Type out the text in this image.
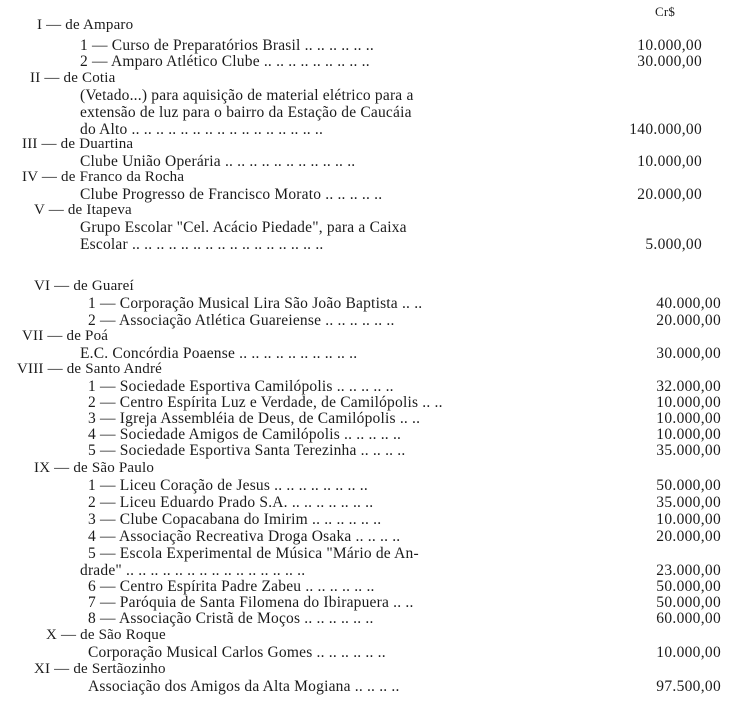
Cr$
I — de Amparo
1 — Curso de Preparatórios Brasil .. .. .. .. .. ..	10.000,00
2 — Amparo Atlético Clube .. .. .. .. .. .. .. .. ..	30.000,00
II — de Cotia
(Vetado...) para aquisição de material elétrico para a
extensão de luz para o bairro da Estação de Caucáia
do Alto .. .. .. .. .. .. .. .. .. .. .. .. .. .. .. ..	140.000,00
III — de Duartina
Clube União Operária .. .. .. .. .. .. .. .. .. .. ..	10.000,00
IV — de Franco da Rocha
Clube Progresso de Francisco Morato .. .. .. .. ..	20.000,00
V — de Itapeva
Grupo Escolar "Cel. Acácio Piedade", para a Caixa
Escolar .. .. .. .. .. .. .. .. .. .. .. .. .. .. .. ..	5.000,00
VI — de Guareí
1 — Corporação Musical Lira São João Baptista .. ..	40.000,00
2 — Associação Atlética Guareiense .. .. .. .. .. ..	20.000,00
VII — de Poá
E.C. Concórdia Poaense .. .. .. .. .. .. .. .. .. ..	30.000,00
VIII — de Santo André
1 — Sociedade Esportiva Camilópolis .. .. .. .. ..	32.000,00
2 — Centro Espírita Luz e Verdade, de Camilópolis .. ..	10.000,00
3 — Igreja Assembléia de Deus, de Camilópolis .. ..	10.000,00
4 — Sociedade Amigos de Camilópolis .. .. .. .. ..	10.000,00
5 — Sociedade Esportiva Santa Terezinha .. .. .. ..	35.000,00
IX — de São Paulo
1 — Liceu Coração de Jesus .. .. .. .. .. .. .. ..	50.000,00
2 — Liceu Eduardo Prado S.A. .. .. .. .. .. .. ..	35.000,00
3 — Clube Copacabana do Imirim .. .. .. .. .. ..	10.000,00
4 — Associação Recreativa Droga Osaka .. .. .. ..	20.000,00
5 — Escola Experimental de Música "Mário de An-
drade" .. .. .. .. .. .. .. .. .. .. .. .. .. .. ..	23.000,00
6 — Centro Espírita Padre Zabeu .. .. .. .. .. ..	50.000,00
7 — Paróquia de Santa Filomena do Ibirapuera .. ..	50.000,00
8 — Associação Cristã de Moços .. .. .. .. .. ..	60.000,00
X — de São Roque
Corporação Musical Carlos Gomes .. .. .. .. .. ..	10.000,00
XI — de Sertãozinho
Associação dos Amigos da Alta Mogiana .. .. .. ..	97.500,00
